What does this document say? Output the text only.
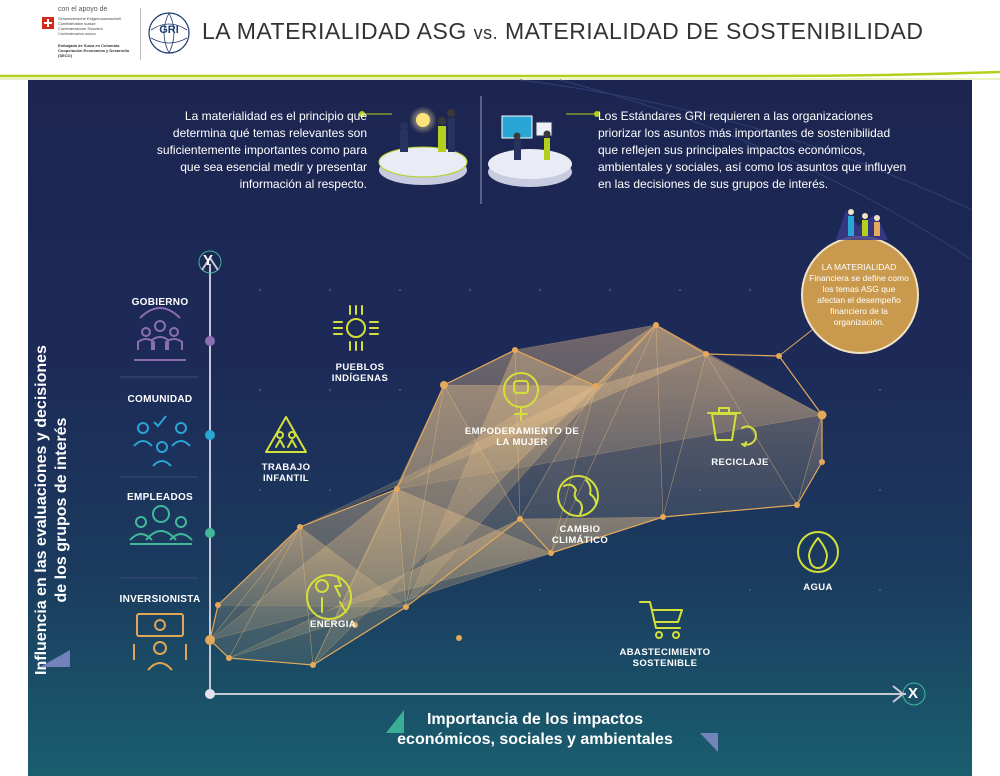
con el apoyo de
Schweizerische Eidgenossenschaft
Confédération suisse
Confederazione Svizzera
Confederaziun svizra
Embajada de Suiza en Colombia
Cooperación Económica y Desarrollo (SECO)
GRI	LA MATERIALIDAD ASG vs. MATERIALIDAD DE SOSTENIBILIDAD
La materialidad es el principio que determina qué temas relevantes son suficientemente importantes como para que sea esencial medir y presentar información al respecto.
Los Estándares GRI requieren a las organizaciones priorizar los asuntos más importantes de sostenibilidad que reflejen sus principales impactos económicos, ambientales y sociales, así como los asuntos que influyen en las decisiones de sus grupos de interés.
Y
X
GOBIERNO
COMUNIDAD
EMPLEADOS
INVERSIONISTA
PUEBLOS INDÍGENAS
TRABAJO INFANTIL
EMPODERAMIENTO DE LA MUJER
RECICLAJE
CAMBIO CLIMÁTICO
AGUA
ENERGIA
ABASTECIMIENTO SOSTENIBLE
LA MATERIALIDAD Financiera se define como los temas ASG que afectan el desempeño financiero de la organización.
Influencia en las evaluaciones y decisiones de los grupos de interés
Importancia de los impactos económicos, sociales y ambientales
